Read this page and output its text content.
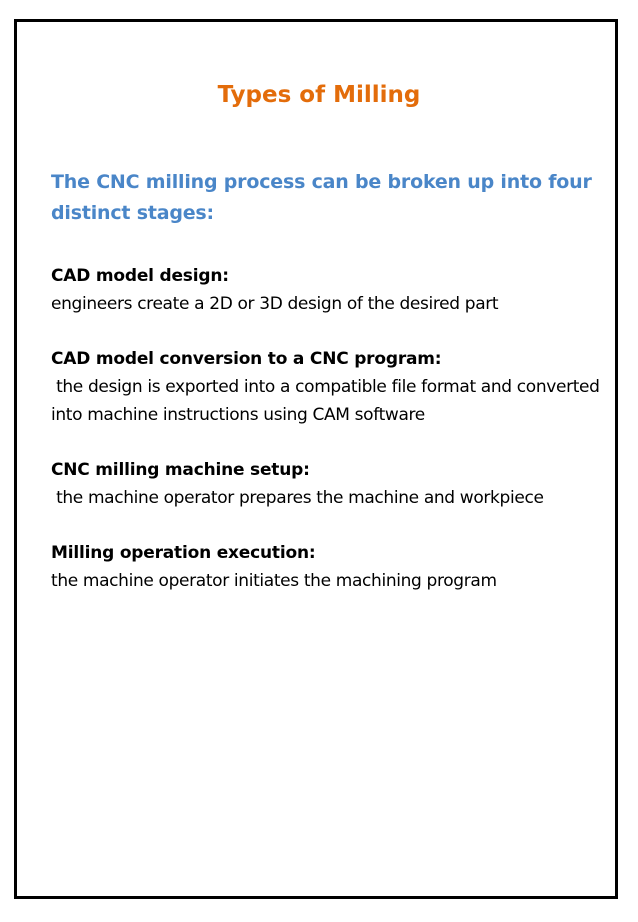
Types of Milling

The CNC milling process can be broken up into four distinct stages:

CAD model design:

engineers create a 2D or 3D design of the desired part

CAD model conversion to a CNC program:

the design is exported into a compatible file format and converted into machine instructions using CAM software

CNC milling machine setup:

the machine operator prepares the machine and workpiece

Milling operation execution:

the machine operator initiates the machining program
